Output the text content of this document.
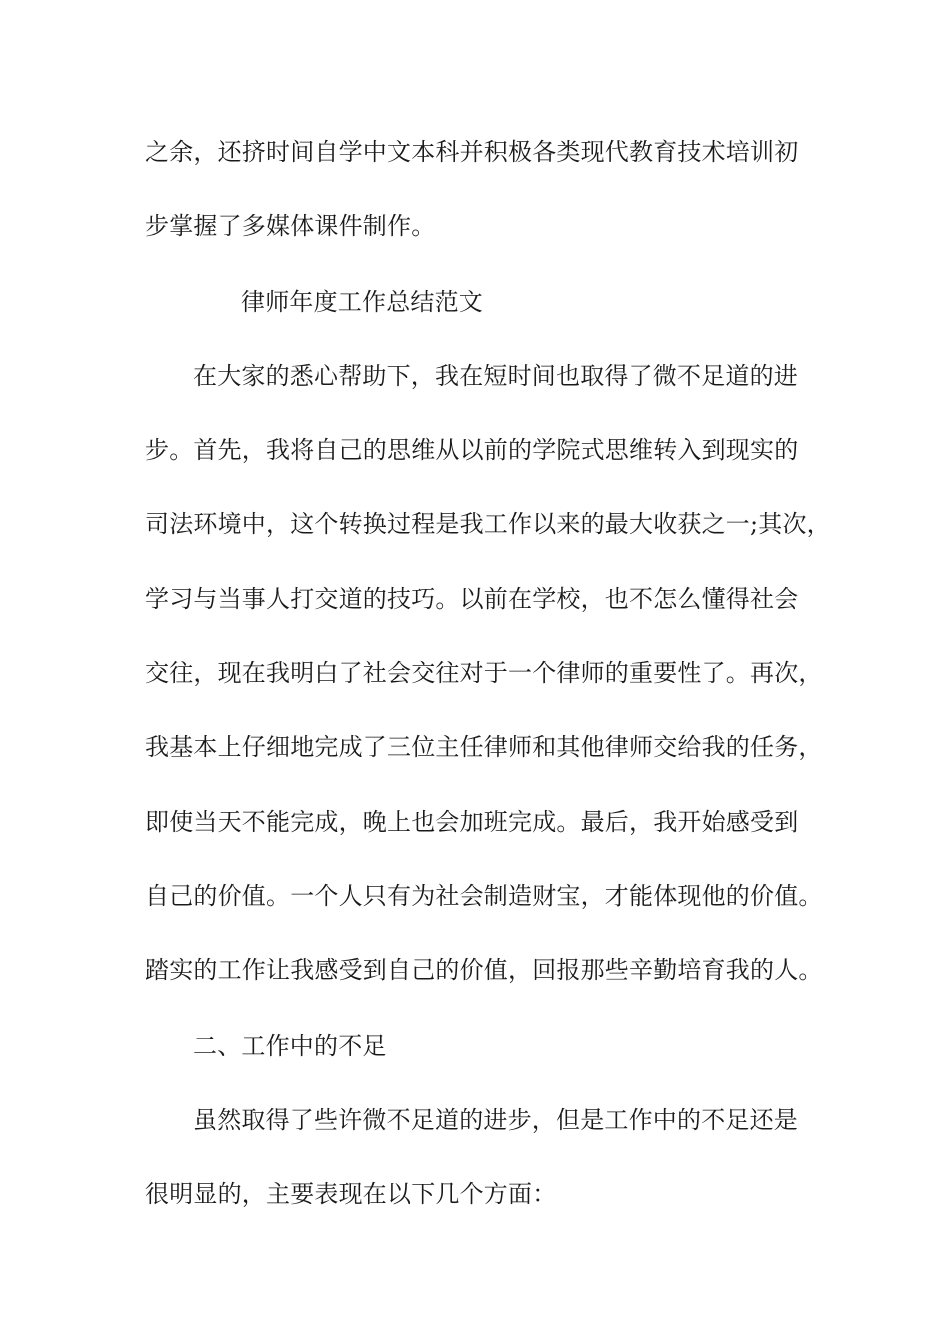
之余，还挤时间自学中文本科并积极各类现代教育技术培训初
步掌握了多媒体课件制作。
律师年度工作总结范文
在大家的悉心帮助下，我在短时间也取得了微不足道的进
步。首先，我将自己的思维从以前的学院式思维转入到现实的
司法环境中，这个转换过程是我工作以来的最大收获之一;其次，
学习与当事人打交道的技巧。以前在学校，也不怎么懂得社会
交往，现在我明白了社会交往对于一个律师的重要性了。再次，
我基本上仔细地完成了三位主任律师和其他律师交给我的任务，
即使当天不能完成，晚上也会加班完成。最后，我开始感受到
自己的价值。一个人只有为社会制造财宝，才能体现他的价值。
踏实的工作让我感受到自己的价值，回报那些辛勤培育我的人。
二、工作中的不足
虽然取得了些许微不足道的进步，但是工作中的不足还是
很明显的，主要表现在以下几个方面：
